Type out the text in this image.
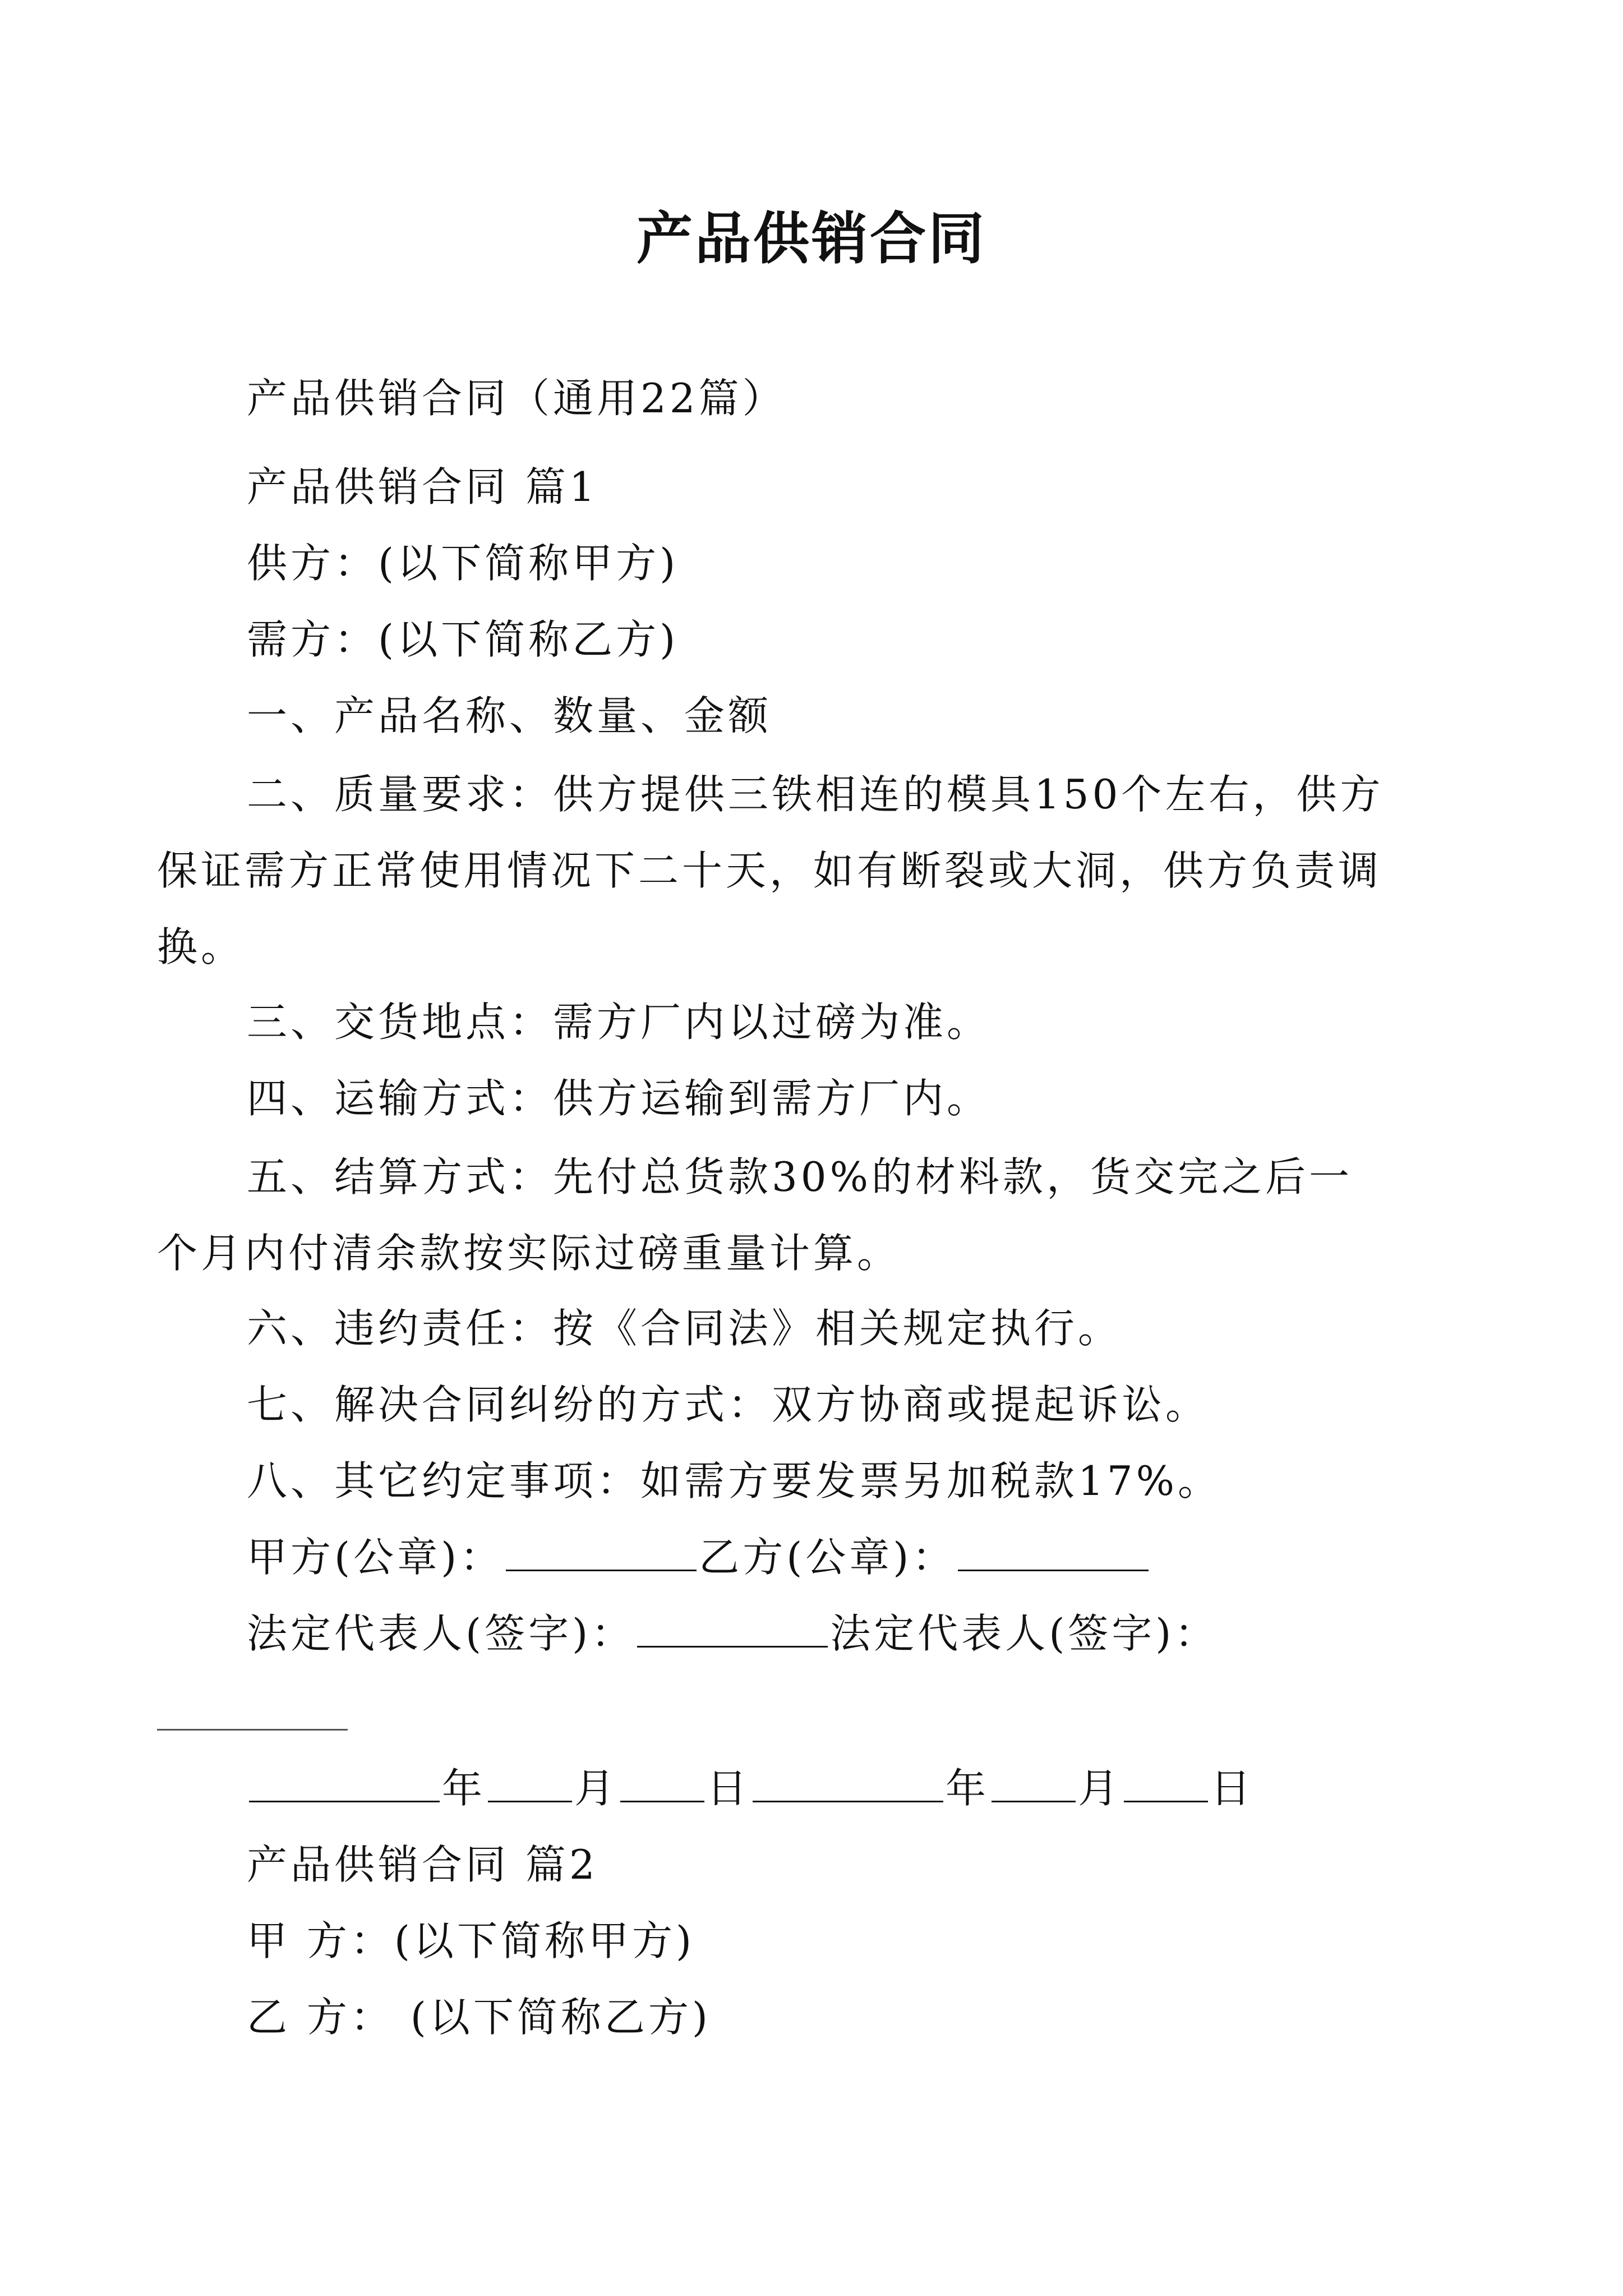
产品供销合同
产品供销合同（通用22篇）
产品供销合同 篇1
供方：(以下简称甲方)
需方：(以下简称乙方)
一、产品名称、数量、金额
二、质量要求：供方提供三铁相连的模具150个左右，供方保证需方正常使用情况下二十天，如有断裂或大洞，供方负责调换。
三、交货地点：需方厂内以过磅为准。
四、运输方式：供方运输到需方厂内。
五、结算方式：先付总货款30%的材料款，货交完之后一个月内付清余款按实际过磅重量计算。
六、违约责任：按《合同法》相关规定执行。
七、解决合同纠纷的方式：双方协商或提起诉讼。
八、其它约定事项：如需方要发票另加税款17%。
甲方(公章)：	乙方(公章)：
法定代表人(签字)：	法定代表人(签字)：
年 月 日	年 月 日
产品供销合同 篇2
甲 方：(以下简称甲方)
乙 方： (以下简称乙方)
